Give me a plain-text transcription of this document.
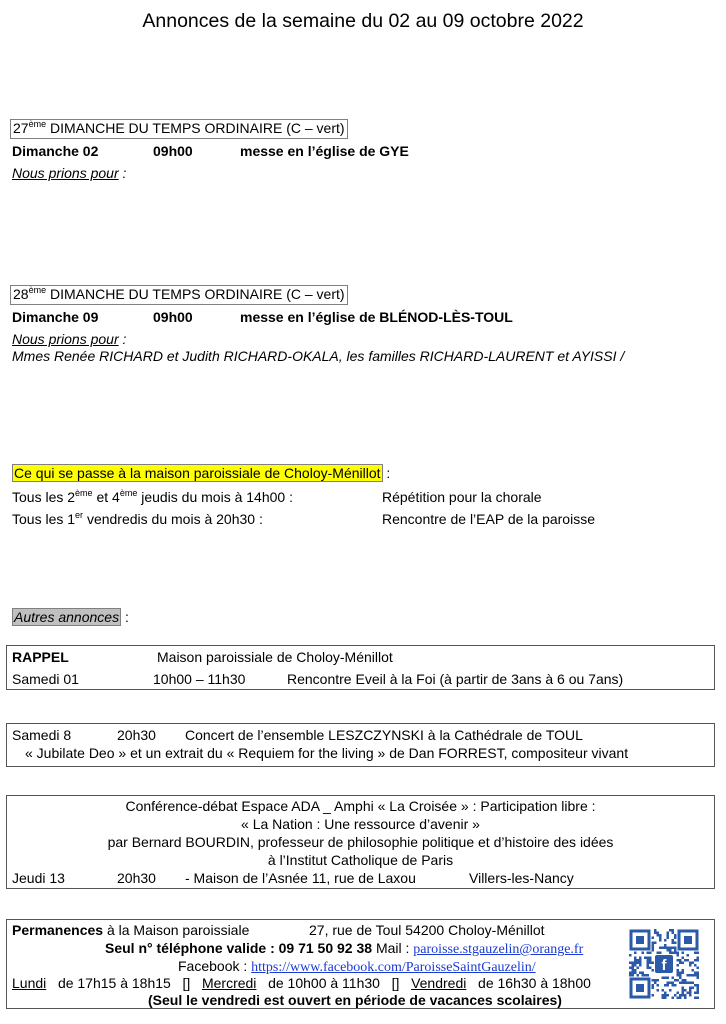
Annonces de la semaine du 02 au 09 octobre 2022
27ème DIMANCHE DU TEMPS ORDINAIRE (C – vert)
Dimanche 02	09h00	messe en l’église de GYE
Nous prions pour :
28ème DIMANCHE DU TEMPS ORDINAIRE (C – vert)
Dimanche 09	09h00	messe en l’église de BLÉNOD-LÈS-TOUL
Nous prions pour :
Mmes Renée RICHARD et Judith RICHARD-OKALA, les familles RICHARD-LAURENT et AYISSI /
Ce qui se passe à la maison paroissiale de Choloy-Ménillot :
Tous les 2ème et 4ème jeudis du mois à 14h00 :	Répétition pour la chorale
Tous les 1er vendredis du mois à 20h30 :	Rencontre de l’EAP de la paroisse
Autres annonces :
RAPPEL	Maison paroissiale de Choloy-Ménillot
Samedi 01	10h00 – 11h30	Rencontre Eveil à la Foi (à partir de 3ans à 6 ou 7ans)
Samedi 8	20h30 Concert de l’ensemble LESZCZYNSKI à la Cathédrale de TOUL
« Jubilate Deo » et un extrait du « Requiem for the living » de Dan FORREST, compositeur vivant
Conférence-débat Espace ADA _ Amphi « La Croisée » : Participation libre :
« La Nation : Une ressource d’avenir »
par Bernard BOURDIN, professeur de philosophie politique et d’histoire des idées
à l’Institut Catholique de Paris
Jeudi 13	20h30 - Maison de l’Asnée 11, rue de Laxou	Villers-les-Nancy
Permanences à la Maison paroissiale	27, rue de Toul 54200 Choloy-Ménillot
Seul n° téléphone valide : 09 71 50 92 38 Mail : paroisse.stgauzelin@orange.fr
Facebook : https://www.facebook.com/ParoisseSaintGauzelin/
Lundi de 17h15 à 18h15 [] Mercredi de 10h00 à 11h30 [] Vendredi de 16h30 à 18h00
(Seul le vendredi est ouvert en période de vacances scolaires)
f
